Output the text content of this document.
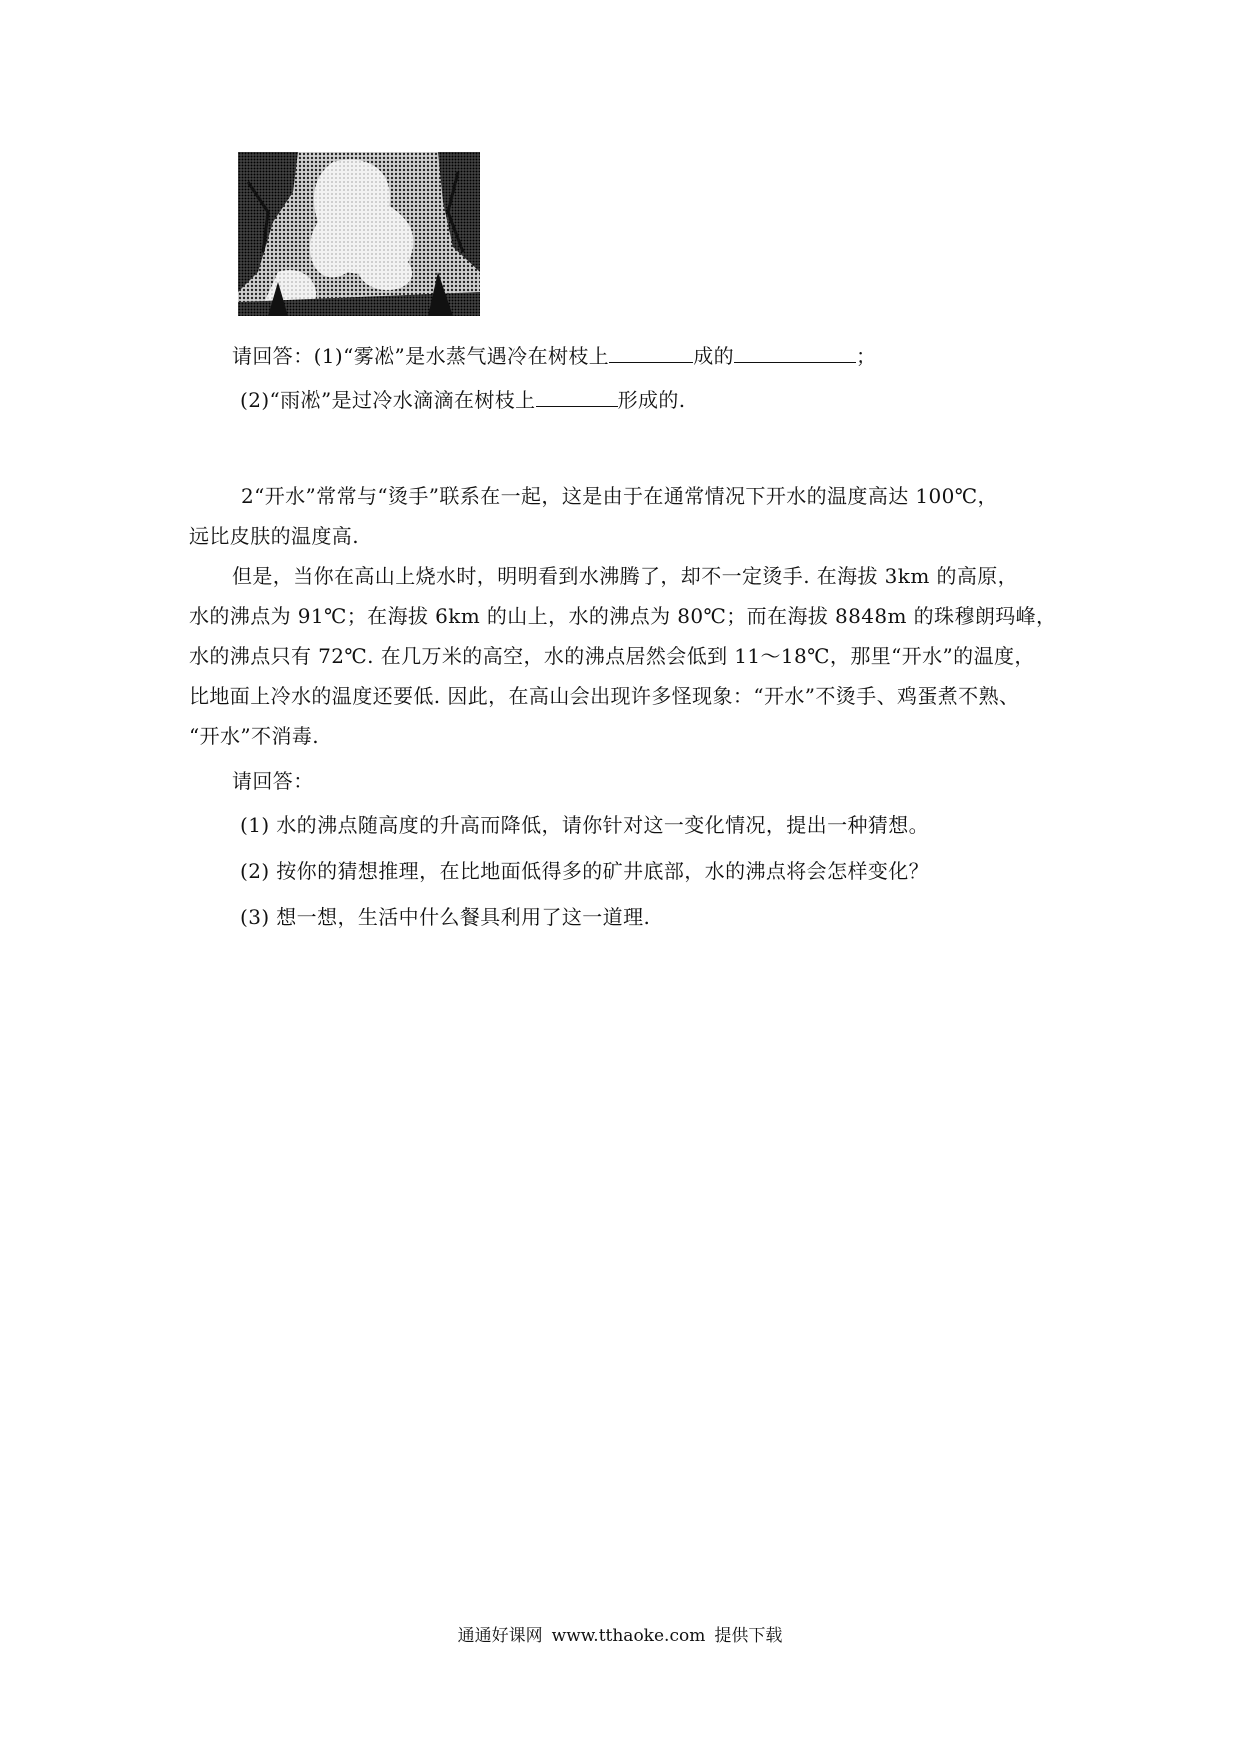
请回答：(1)“雾凇”是水蒸气遇冷在树枝上	成的	；
(2)“雨凇”是过冷水滴滴在树枝上	形成的.
2“开水”常常与“烫手”联系在一起，这是由于在通常情况下开水的温度高达 100℃，
远比皮肤的温度高.
但是，当你在高山上烧水时，明明看到水沸腾了，却不一定烫手. 在海拔 3km 的高原，
水的沸点为 91℃；在海拔 6km 的山上，水的沸点为 80℃；而在海拔 8848m 的珠穆朗玛峰，
水的沸点只有 72℃. 在几万米的高空，水的沸点居然会低到 11～18℃，那里“开水”的温度，
比地面上冷水的温度还要低. 因此，在高山会出现许多怪现象：“开水”不烫手、鸡蛋煮不熟、
“开水”不消毒.
请回答：
(1) 水的沸点随高度的升高而降低，请你针对这一变化情况，提出一种猜想。
(2) 按你的猜想推理，在比地面低得多的矿井底部，水的沸点将会怎样变化？
(3) 想一想，生活中什么餐具利用了这一道理.
通通好课网 www.tthaoke.com 提供下载
